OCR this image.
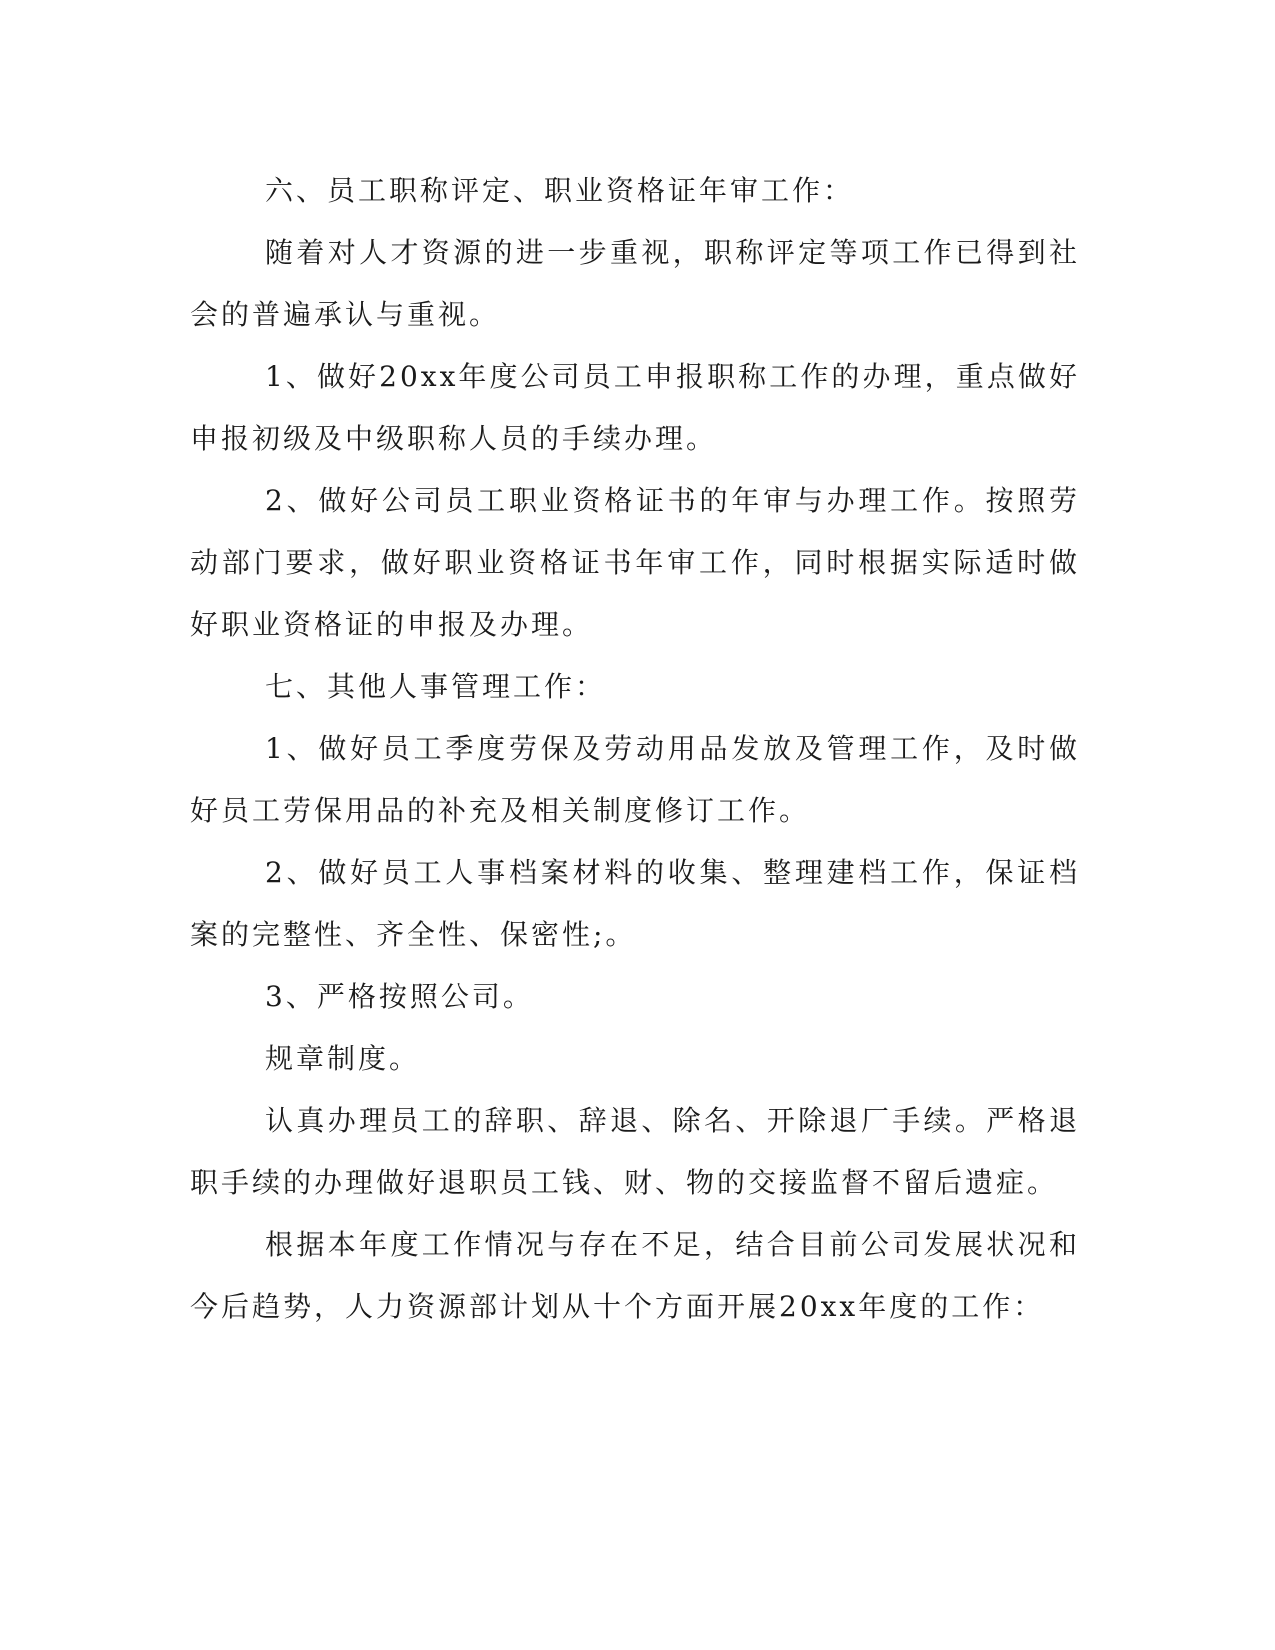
六、员工职称评定、职业资格证年审工作：

随着对人才资源的进一步重视，职称评定等项工作已得到社会的普遍承认与重视。

1、做好20xx年度公司员工申报职称工作的办理，重点做好申报初级及中级职称人员的手续办理。

2、做好公司员工职业资格证书的年审与办理工作。按照劳动部门要求，做好职业资格证书年审工作，同时根据实际适时做好职业资格证的申报及办理。

七、其他人事管理工作：

1、做好员工季度劳保及劳动用品发放及管理工作，及时做好员工劳保用品的补充及相关制度修订工作。

2、做好员工人事档案材料的收集、整理建档工作，保证档案的完整性、齐全性、保密性;。

3、严格按照公司。

规章制度。

认真办理员工的辞职、辞退、除名、开除退厂手续。严格退职手续的办理做好退职员工钱、财、物的交接监督不留后遗症。

根据本年度工作情况与存在不足，结合目前公司发展状况和今后趋势，人力资源部计划从十个方面开展20xx年度的工作：
